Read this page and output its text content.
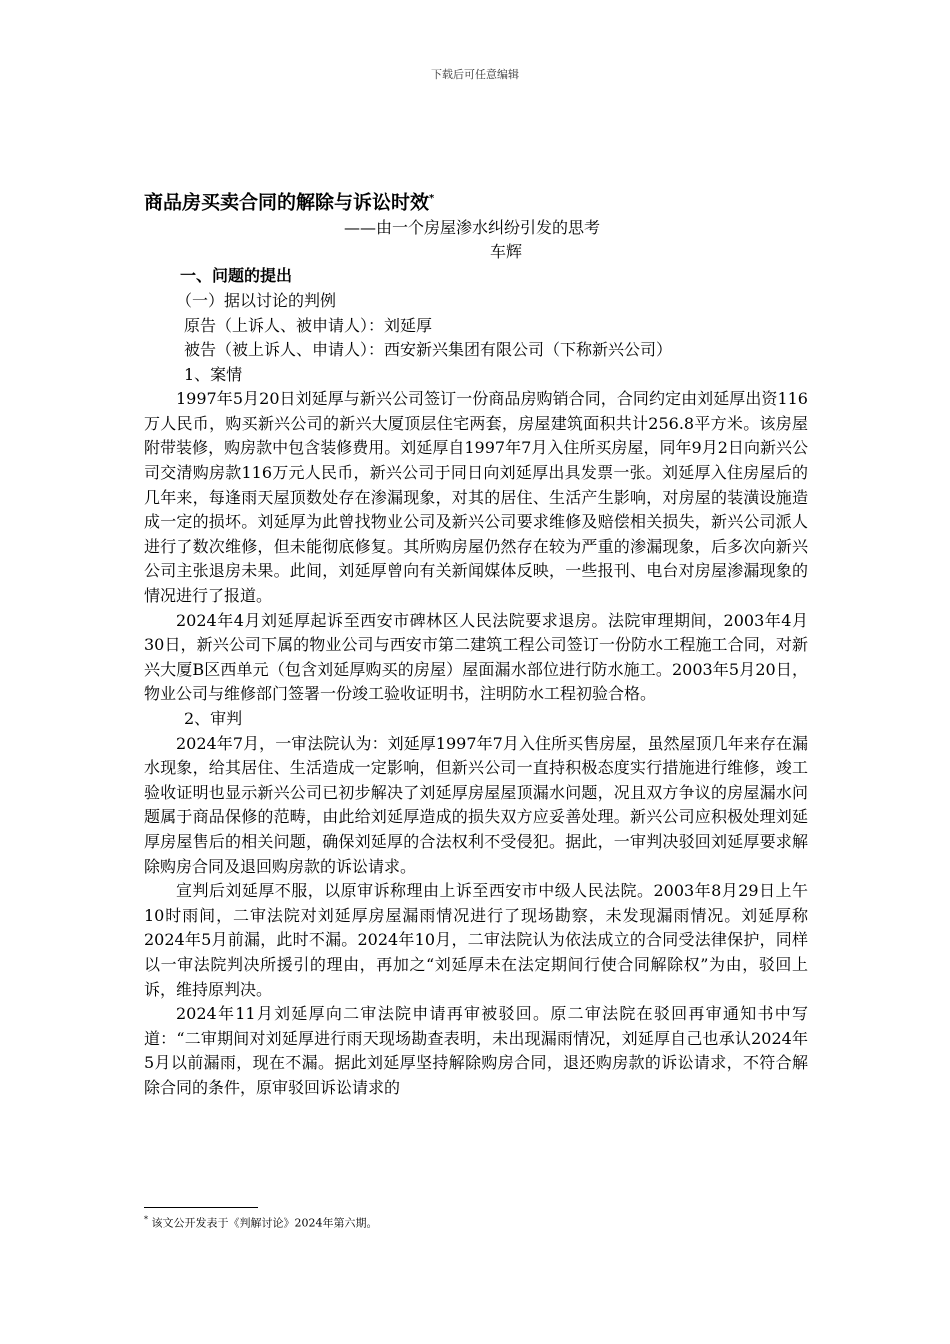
下载后可任意编辑

商品房买卖合同的解除与诉讼时效*

——由一个房屋渗水纠纷引发的思考

车辉

一、问题的提出

（一）据以讨论的判例

原告（上诉人、被申请人）：刘延厚

被告（被上诉人、申请人）：西安新兴集团有限公司（下称新兴公司）

1、案情

1997年5月20日刘延厚与新兴公司签订一份商品房购销合同，合同约定由刘延厚出资116万人民币，购买新兴公司的新兴大厦顶层住宅两套，房屋建筑面积共计256.8平方米。该房屋附带装修，购房款中包含装修费用。刘延厚自1997年7月入住所买房屋，同年9月2日向新兴公司交清购房款116万元人民币，新兴公司于同日向刘延厚出具发票一张。刘延厚入住房屋后的几年来，每逢雨天屋顶数处存在渗漏现象，对其的居住、生活产生影响，对房屋的装潢设施造成一定的损坏。刘延厚为此曾找物业公司及新兴公司要求维修及赔偿相关损失，新兴公司派人进行了数次维修，但未能彻底修复。其所购房屋仍然存在较为严重的渗漏现象，后多次向新兴公司主张退房未果。此间，刘延厚曾向有关新闻媒体反映，一些报刊、电台对房屋渗漏现象的情况进行了报道。

2024年4月刘延厚起诉至西安市碑林区人民法院要求退房。法院审理期间，2003年4月30日，新兴公司下属的物业公司与西安市第二建筑工程公司签订一份防水工程施工合同，对新兴大厦B区西单元（包含刘延厚购买的房屋）屋面漏水部位进行防水施工。2003年5月20日，物业公司与维修部门签署一份竣工验收证明书，注明防水工程初验合格。

2、审判

2024年7月，一审法院认为：刘延厚1997年7月入住所买售房屋，虽然屋顶几年来存在漏水现象，给其居住、生活造成一定影响，但新兴公司一直持积极态度实行措施进行维修，竣工验收证明也显示新兴公司已初步解决了刘延厚房屋屋顶漏水问题，况且双方争议的房屋漏水问题属于商品保修的范畴，由此给刘延厚造成的损失双方应妥善处理。新兴公司应积极处理刘延厚房屋售后的相关问题，确保刘延厚的合法权利不受侵犯。据此，一审判决驳回刘延厚要求解除购房合同及退回购房款的诉讼请求。

宣判后刘延厚不服，以原审诉称理由上诉至西安市中级人民法院。2003年8月29日上午10时雨间，二审法院对刘延厚房屋漏雨情况进行了现场勘察，未发现漏雨情况。刘延厚称2024年5月前漏，此时不漏。2024年10月，二审法院认为依法成立的合同受法律保护，同样以一审法院判决所援引的理由，再加之“刘延厚未在法定期间行使合同解除权”为由，驳回上诉，维持原判决。

2024年11月刘延厚向二审法院申请再审被驳回。原二审法院在驳回再审通知书中写道：“二审期间对刘延厚进行雨天现场勘查表明，未出现漏雨情况，刘延厚自己也承认2024年5月以前漏雨，现在不漏。据此刘延厚坚持解除购房合同，退还购房款的诉讼请求，不符合解除合同的条件，原审驳回诉讼请求的

* 该文公开发表于《判解讨论》2024年第六期。
